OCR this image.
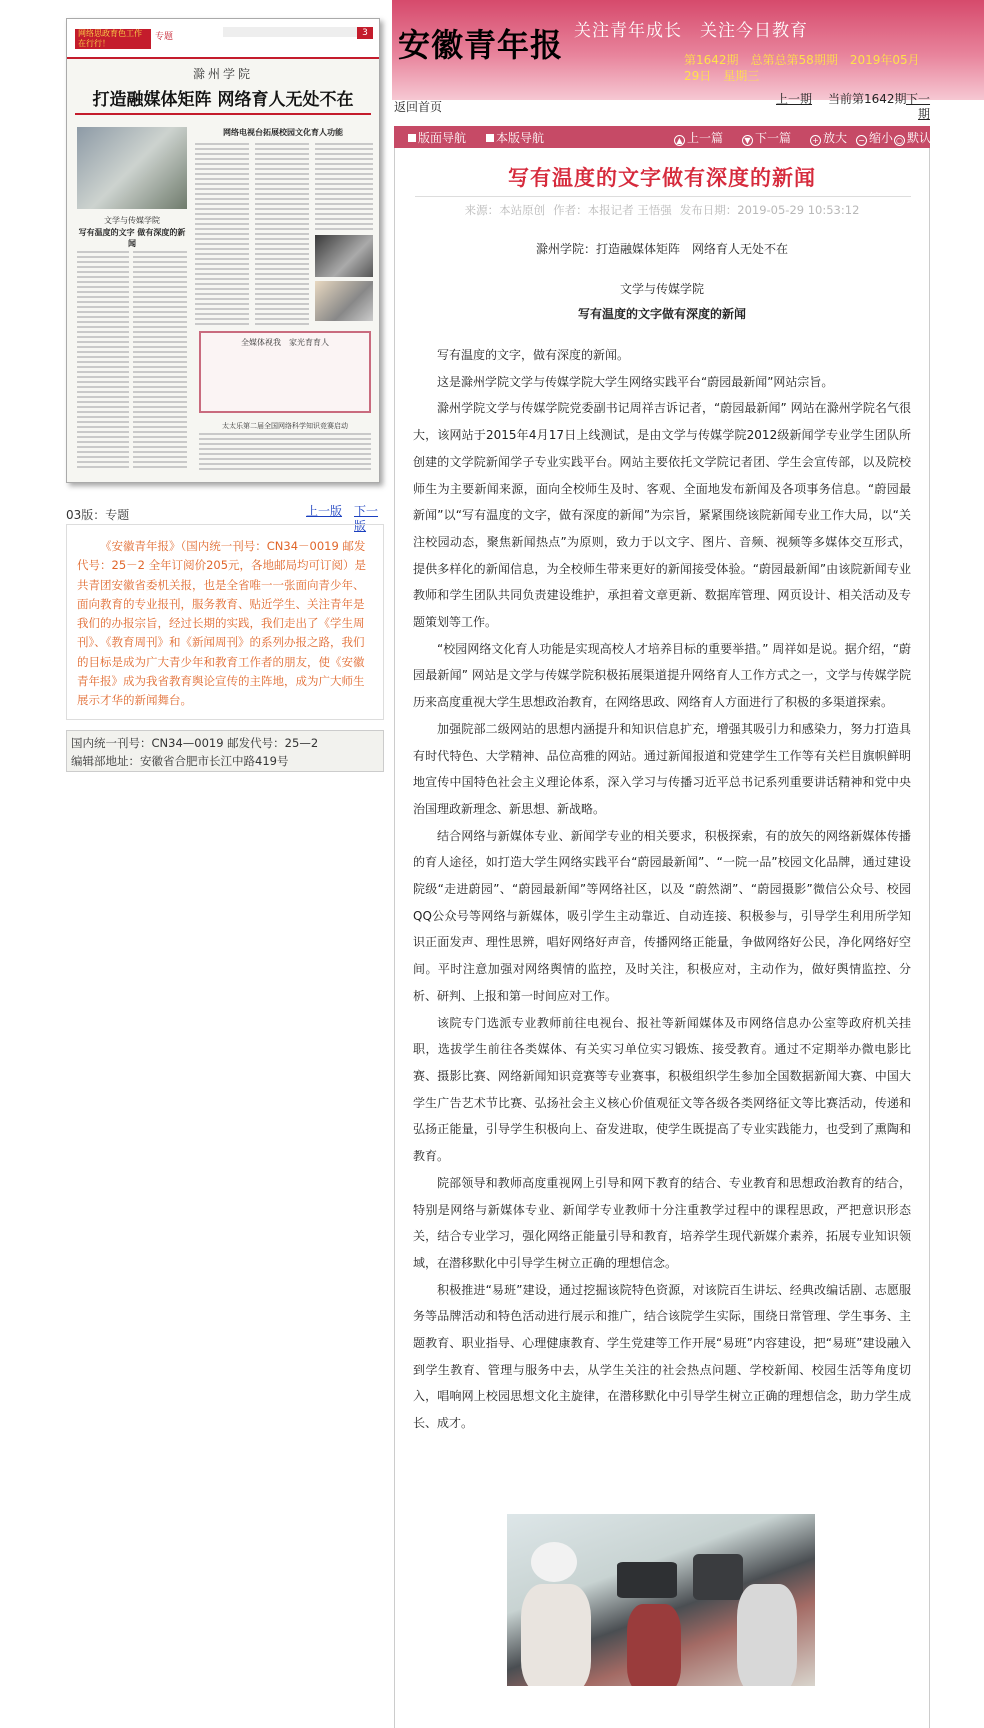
安徽青年报 关注青年成长　关注今日教育
第1642期 总第总第58期期 2019年05月29日 星期三
网络思政育色工作在行行！
专题	3
滁州学院
打造融媒体矩阵 网络育人无处不在
文学与传媒学院
写有温度的文字 做有深度的新闻
网络电视台拓展校园文化育人功能
全媒体视我　家光育育人
太太乐第二届全国网络科学知识竞赛启动
03版：专题	上一版 下一版

《安徽青年报》（国内统一刊号：CN34－0019 邮发代号：25－2 全年订阅价205元，各地邮局均可订阅）是共青团安徽省委机关报，也是全省唯一一张面向青少年、面向教育的专业报刊，服务教育、贴近学生、关注青年是我们的办报宗旨，经过长期的实践，我们走出了《学生周刊》、《教育周刊》和《新闻周刊》的系列办报之路，我们的目标是成为广大青少年和教育工作者的朋友，使《安徽青年报》成为我省教育舆论宣传的主阵地，成为广大师生展示才华的新闻舞台。

国内统一刊号：CN34—0019 邮发代号：25—2
编辑部地址：安徽省合肥市长江中路419号
返回首页
上一期 当前第1642期 下一期
版面导航	本版导航	▲ 上一篇	▼ 下一篇	+ 放大 − 缩小 ○ 默认
写有温度的文字做有深度的新闻
来源：本站原创 作者：本报记者 王悟强 发布日期：2019-05-29 10:53:12
滁州学院：打造融媒体矩阵　网络育人无处不在
文学与传媒学院
写有温度的文字做有深度的新闻

写有温度的文字，做有深度的新闻。

这是滁州学院文学与传媒学院大学生网络实践平台“蔚园最新闻”网站宗旨。

滁州学院文学与传媒学院党委副书记周祥吉诉记者，“蔚园最新闻” 网站在滁州学院名气很大，该网站于2015年4月17日上线测试，是由文学与传媒学院2012级新闻学专业学生团队所创建的文学院新闻学子专业实践平台。网站主要依托文学院记者团、学生会宣传部，以及院校师生为主要新闻来源，面向全校师生及时、客观、全面地发布新闻及各项事务信息。“蔚园最新闻”以“写有温度的文字，做有深度的新闻”为宗旨，紧紧围绕该院新闻专业工作大局，以“关注校园动态，聚焦新闻热点”为原则，致力于以文字、图片、音频、视频等多媒体交互形式，提供多样化的新闻信息，为全校师生带来更好的新闻接受体验。“蔚园最新闻”由该院新闻专业教师和学生团队共同负责建设维护，承担着文章更新、数据库管理、网页设计、相关活动及专题策划等工作。

“校园网络文化育人功能是实现高校人才培养目标的重要举措。” 周祥如是说。据介绍，“蔚园最新闻” 网站是文学与传媒学院积极拓展渠道提升网络育人工作方式之一，文学与传媒学院历来高度重视大学生思想政治教育，在网络思政、网络育人方面进行了积极的多渠道探索。

加强院部二级网站的思想内涵提升和知识信息扩充，增强其吸引力和感染力，努力打造具有时代特色、大学精神、品位高雅的网站。通过新闻报道和党建学生工作等有关栏目旗帜鲜明地宣传中国特色社会主义理论体系，深入学习与传播习近平总书记系列重要讲话精神和党中央治国理政新理念、新思想、新战略。

结合网络与新媒体专业、新闻学专业的相关要求，积极探索，有的放矢的网络新媒体传播的育人途径，如打造大学生网络实践平台“蔚园最新闻”、“一院一品”校园文化品牌，通过建设院级“走进蔚园”、“蔚园最新闻”等网络社区，以及 “蔚然湖”、“蔚园摄影”微信公众号、校园QQ公众号等网络与新媒体，吸引学生主动靠近、自动连接、积极参与，引导学生利用所学知识正面发声、理性思辨，唱好网络好声音，传播网络正能量，争做网络好公民，净化网络好空间。平时注意加强对网络舆情的监控，及时关注，积极应对，主动作为，做好舆情监控、分析、研判、上报和第一时间应对工作。

该院专门选派专业教师前往电视台、报社等新闻媒体及市网络信息办公室等政府机关挂职，选拔学生前往各类媒体、有关实习单位实习锻炼、接受教育。通过不定期举办微电影比赛、摄影比赛、网络新闻知识竞赛等专业赛事，积极组织学生参加全国数据新闻大赛、中国大学生广告艺术节比赛、弘扬社会主义核心价值观征文等各级各类网络征文等比赛活动，传递和弘扬正能量，引导学生积极向上、奋发进取，使学生既提高了专业实践能力，也受到了熏陶和教育。

院部领导和教师高度重视网上引导和网下教育的结合、专业教育和思想政治教育的结合，特别是网络与新媒体专业、新闻学专业教师十分注重教学过程中的课程思政，严把意识形态关，结合专业学习，强化网络正能量引导和教育，培养学生现代新媒介素养，拓展专业知识领域，在潜移默化中引导学生树立正确的理想信念。

积极推进“易班”建设，通过挖掘该院特色资源，对该院百生讲坛、经典改编话剧、志愿服务等品牌活动和特色活动进行展示和推广，结合该院学生实际，围绕日常管理、学生事务、主题教育、职业指导、心理健康教育、学生党建等工作开展“易班”内容建设，把“易班”建设融入到学生教育、管理与服务中去，从学生关注的社会热点问题、学校新闻、校园生活等角度切入，唱响网上校园思想文化主旋律，在潜移默化中引导学生树立正确的理想信念，助力学生成长、成才。
